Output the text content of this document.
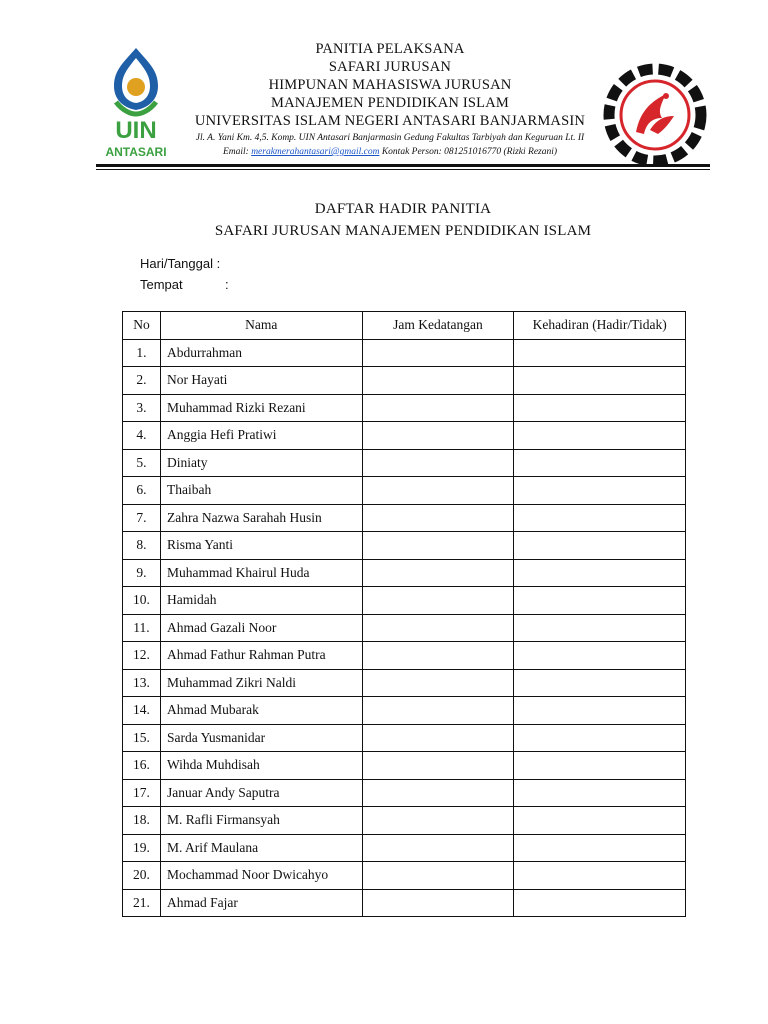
UIN
ANTASARI
PANITIA PELAKSANA
SAFARI JURUSAN
HIMPUNAN MAHASISWA JURUSAN
MANAJEMEN PENDIDIKAN ISLAM
UNIVERSITAS ISLAM NEGERI ANTASARI BANJARMASIN
Jl. A. Yani Km. 4,5. Komp. UIN Antasari Banjarmasin Gedung Fakultas Tarbiyah dan Keguruan Lt. II
Email: merakmerahantasari@gmail.com Kontak Person: 081251016770 (Rizki Rezani)
DAFTAR HADIR PANITIA
SAFARI JURUSAN MANAJEMEN PENDIDIKAN ISLAM
Hari/Tanggal :
Tempat	:
No	Nama	Jam Kedatangan	Kehadiran (Hadir/Tidak)
1.	Abdurrahman		
2.	Nor Hayati		
3.	Muhammad Rizki Rezani		
4.	Anggia Hefi Pratiwi		
5.	Diniaty		
6.	Thaibah		
7.	Zahra Nazwa Sarahah Husin		
8.	Risma Yanti		
9.	Muhammad Khairul Huda		
10.	Hamidah		
11.	Ahmad Gazali Noor		
12.	Ahmad Fathur Rahman Putra		
13.	Muhammad Zikri Naldi		
14.	Ahmad Mubarak		
15.	Sarda Yusmanidar		
16.	Wihda Muhdisah		
17.	Januar Andy Saputra		
18.	M. Rafli Firmansyah		
19.	M. Arif Maulana		
20.	Mochammad Noor Dwicahyo		
21.	Ahmad Fajar		
